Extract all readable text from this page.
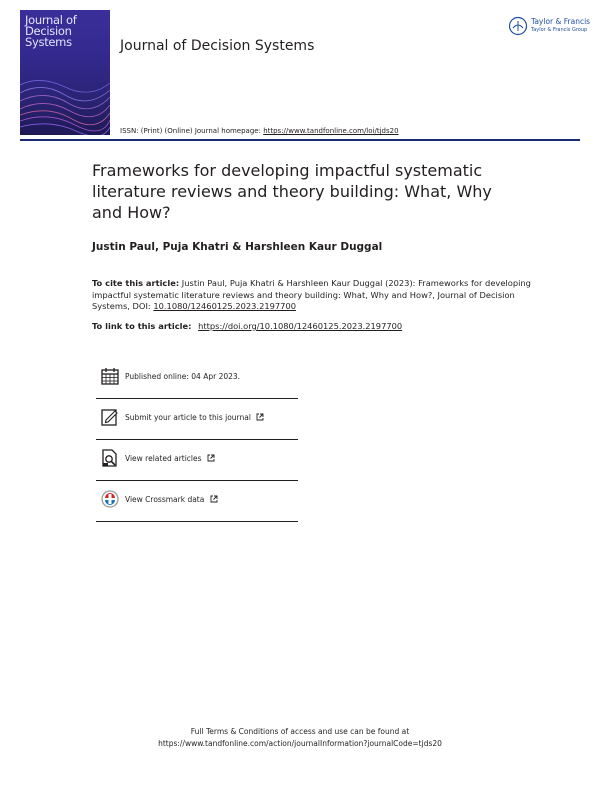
Journal of
Decision
Systems	Journal of Decision Systems
ISSN: (Print) (Online) Journal homepage: https://www.tandfonline.com/loi/tjds20
Taylor & Francis
Taylor & Francis Group
Frameworks for developing impactful systematic literature reviews and theory building: What, Why and How?
Justin Paul, Puja Khatri & Harshleen Kaur Duggal
To cite this article: Justin Paul, Puja Khatri & Harshleen Kaur Duggal (2023): Frameworks for developing impactful systematic literature reviews and theory building: What, Why and How?, Journal of Decision Systems, DOI: 10.1080/12460125.2023.2197700
To link to this article: https://doi.org/10.1080/12460125.2023.2197700
Published online: 04 Apr 2023.
Submit your article to this journal
View related articles
View Crossmark data
Full Terms & Conditions of access and use can be found at
https://www.tandfonline.com/action/journalInformation?journalCode=tjds20
